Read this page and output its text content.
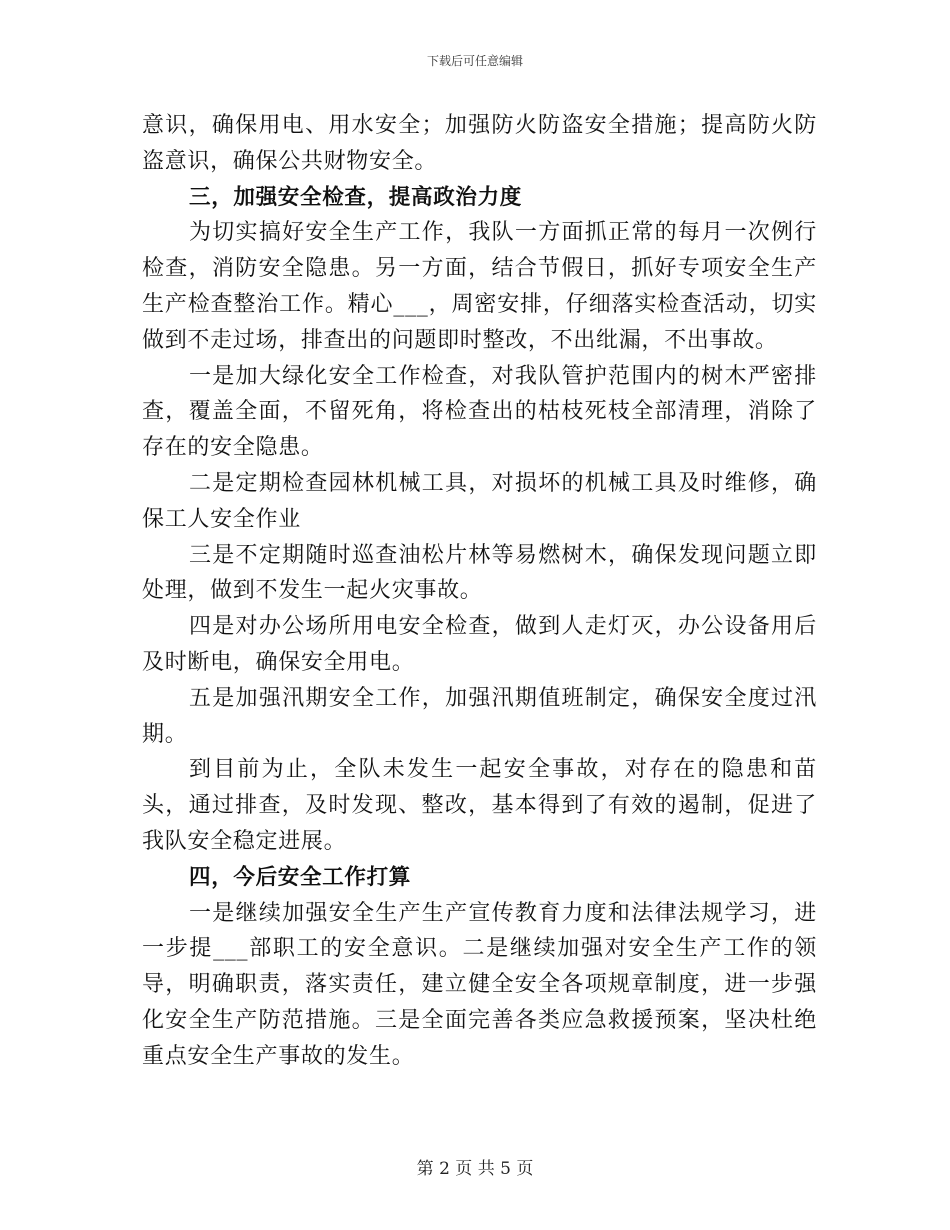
下载后可任意编辑

意识，确保用电、用水安全；加强防火防盗安全措施；提高防火防盗意识，确保公共财物安全。

三，加强安全检查，提高政治力度

为切实搞好安全生产工作，我队一方面抓正常的每月一次例行检查，消防安全隐患。另一方面，结合节假日，抓好专项安全生产生产检查整治工作。精心___，周密安排，仔细落实检查活动，切实做到不走过场，排查出的问题即时整改，不出纰漏，不出事故。

一是加大绿化安全工作检查，对我队管护范围内的树木严密排查，覆盖全面，不留死角，将检查出的枯枝死枝全部清理，消除了存在的安全隐患。

二是定期检查园林机械工具，对损坏的机械工具及时维修，确保工人安全作业

三是不定期随时巡查油松片林等易燃树木，确保发现问题立即处理，做到不发生一起火灾事故。

四是对办公场所用电安全检查，做到人走灯灭，办公设备用后及时断电，确保安全用电。

五是加强汛期安全工作，加强汛期值班制定，确保安全度过汛期。

到目前为止，全队未发生一起安全事故，对存在的隐患和苗头，通过排查，及时发现、整改，基本得到了有效的遏制，促进了我队安全稳定进展。

四，今后安全工作打算

一是继续加强安全生产生产宣传教育力度和法律法规学习，进一步提___部职工的安全意识。二是继续加强对安全生产工作的领导，明确职责，落实责任，建立健全安全各项规章制度，进一步强化安全生产防范措施。三是全面完善各类应急救援预案，坚决杜绝重点安全生产事故的发生。

第 2 页 共 5 页
